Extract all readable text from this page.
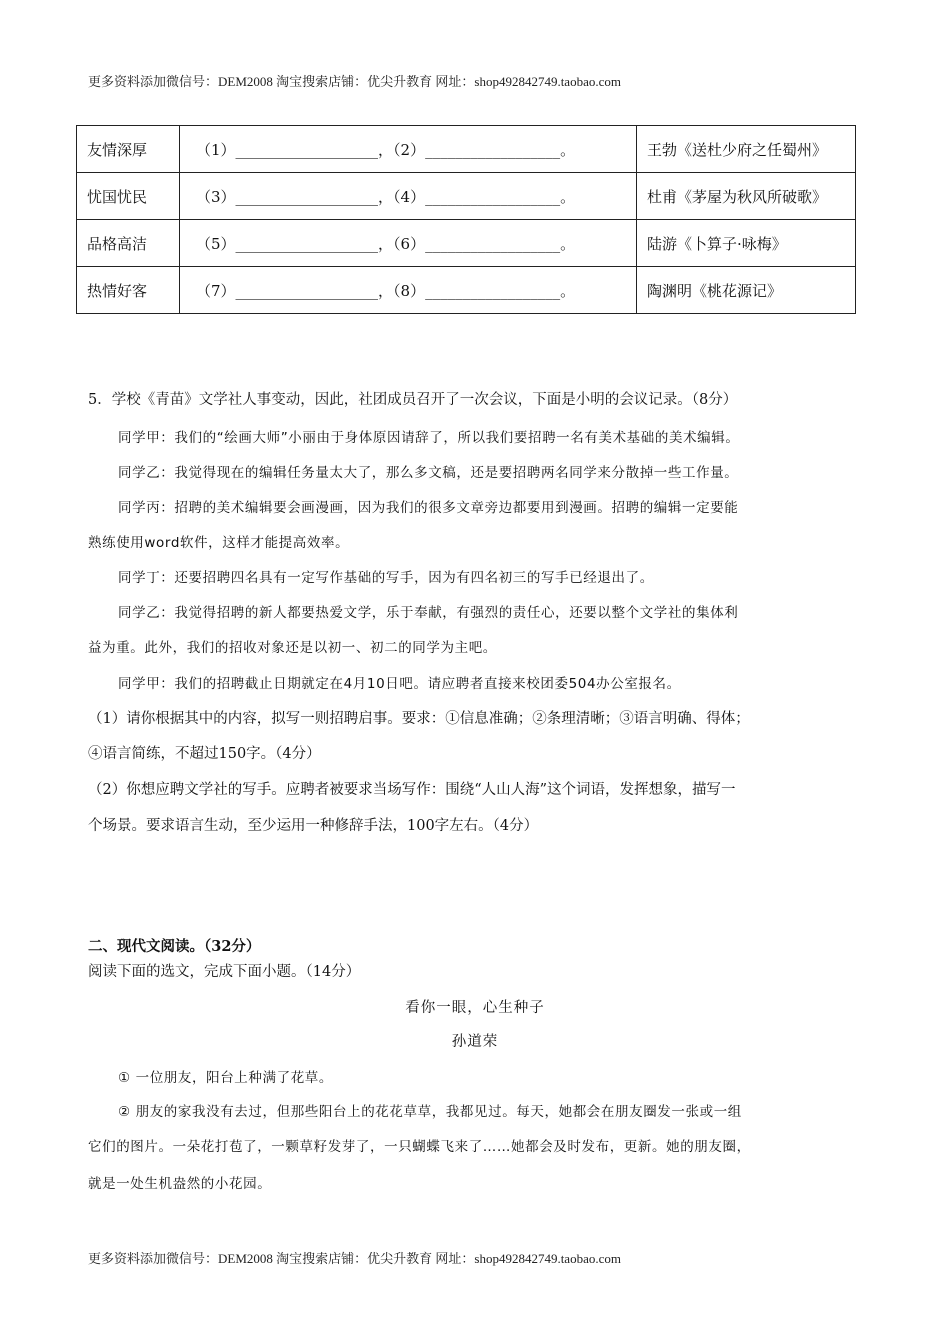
更多资料添加微信号：DEM2008 淘宝搜索店铺：优尖升教育 网址：shop492842749.taobao.com
友情深厚	（1）___________________，（2）__________________。	王勃《送杜少府之任蜀州》
忧国忧民	（3）___________________，（4）__________________。	杜甫《茅屋为秋风所破歌》
品格高洁	（5）___________________，（6）__________________。	陆游《卜算子·咏梅》
热情好客	（7）___________________，（8）__________________。	陶渊明《桃花源记》
5．学校《青苗》文学社人事变动，因此，社团成员召开了一次会议，下面是小明的会议记录。（8分）
同学甲：我们的“绘画大师”小丽由于身体原因请辞了，所以我们要招聘一名有美术基础的美术编辑。
同学乙：我觉得现在的编辑任务量太大了，那么多文稿，还是要招聘两名同学来分散掉一些工作量。
同学丙：招聘的美术编辑要会画漫画，因为我们的很多文章旁边都要用到漫画。招聘的编辑一定要能
熟练使用word软件，这样才能提高效率。
同学丁：还要招聘四名具有一定写作基础的写手，因为有四名初三的写手已经退出了。
同学乙：我觉得招聘的新人都要热爱文学，乐于奉献，有强烈的责任心，还要以整个文学社的集体利
益为重。此外，我们的招收对象还是以初一、初二的同学为主吧。
同学甲：我们的招聘截止日期就定在4月10日吧。请应聘者直接来校团委504办公室报名。
（1）请你根据其中的内容，拟写一则招聘启事。要求：①信息准确；②条理清晰；③语言明确、得体；
④语言简练，不超过150字。（4分）
（2）你想应聘文学社的写手。应聘者被要求当场写作：围绕“人山人海”这个词语，发挥想象，描写一
个场景。要求语言生动，至少运用一种修辞手法，100字左右。（4分）
二、现代文阅读。（32分）
阅读下面的选文，完成下面小题。（14分）
看你一眼，心生种子
孙道荣
① 一位朋友，阳台上种满了花草。
② 朋友的家我没有去过，但那些阳台上的花花草草，我都见过。每天，她都会在朋友圈发一张或一组
它们的图片。一朵花打苞了，一颗草籽发芽了，一只蝴蝶飞来了……她都会及时发布，更新。她的朋友圈，
就是一处生机盎然的小花园。
更多资料添加微信号：DEM2008 淘宝搜索店铺：优尖升教育 网址：shop492842749.taobao.com
